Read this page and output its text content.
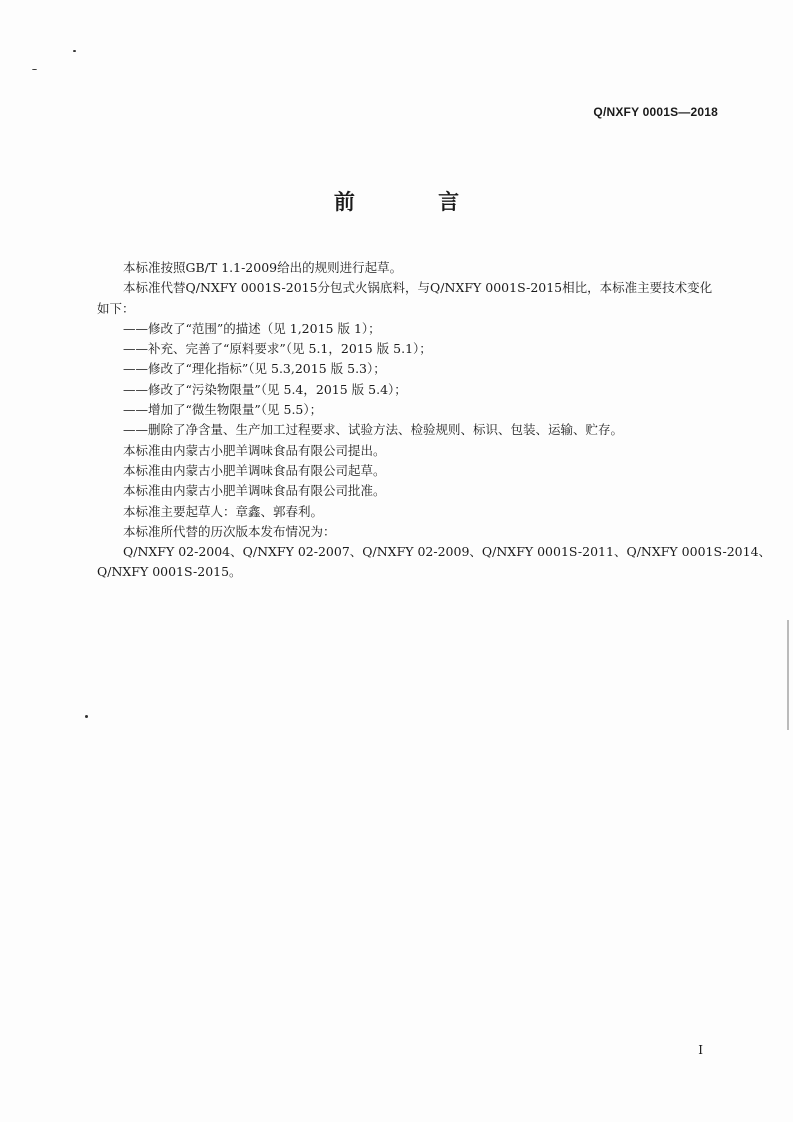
Q/NXFY 0001S—2018
前 言

本标准按照GB/T 1.1-2009给出的规则进行起草。

本标准代替Q/NXFY 0001S-2015分包式火锅底料，与Q/NXFY 0001S-2015相比，本标准主要技术变化

如下：

——修改了“范围”的描述（见 1,2015 版 1）；

——补充、完善了“原料要求”（见 5.1，2015 版 5.1）；

——修改了“理化指标”（见 5.3,2015 版 5.3）；

——修改了“污染物限量”（见 5.4，2015 版 5.4）；

——增加了“微生物限量”（见 5.5）；

——删除了净含量、生产加工过程要求、试验方法、检验规则、标识、包装、运输、贮存。

本标准由内蒙古小肥羊调味食品有限公司提出。

本标准由内蒙古小肥羊调味食品有限公司起草。

本标准由内蒙古小肥羊调味食品有限公司批准。

本标准主要起草人：章鑫、郭春利。

本标准所代替的历次版本发布情况为：

Q/NXFY 02-2004、Q/NXFY 02-2007、Q/NXFY 02-2009、Q/NXFY 0001S-2011、Q/NXFY 0001S-2014、

Q/NXFY 0001S-2015。

I
